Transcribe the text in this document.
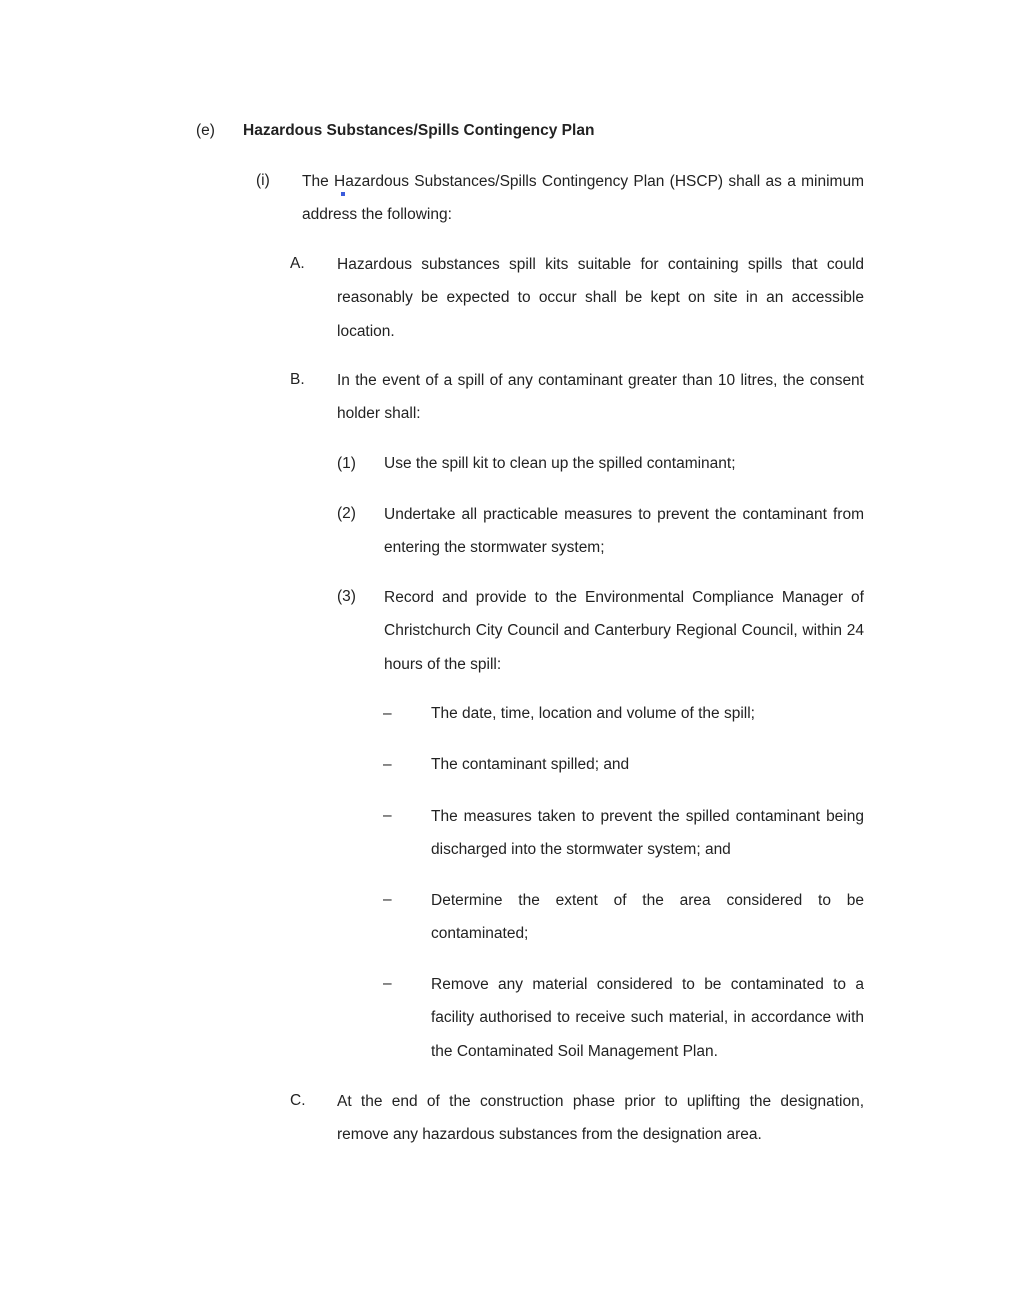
(e) Hazardous Substances/Spills Contingency Plan
(i) The Hazardous Substances/Spills Contingency Plan (HSCP) shall as a minimum address the following:
A. Hazardous substances spill kits suitable for containing spills that could reasonably be expected to occur shall be kept on site in an accessible location.
B. In the event of a spill of any contaminant greater than 10 litres, the consent holder shall:
(1) Use the spill kit to clean up the spilled contaminant;
(2) Undertake all practicable measures to prevent the contaminant from entering the stormwater system;
(3) Record and provide to the Environmental Compliance Manager of Christchurch City Council and Canterbury Regional Council, within 24 hours of the spill:
–	The date, time, location and volume of the spill;
–	The contaminant spilled; and
–	The measures taken to prevent the spilled contaminant being discharged into the stormwater system; and
–	Determine the extent of the area considered to be contaminated;
–	Remove any material considered to be contaminated to a facility authorised to receive such material, in accordance with the Contaminated Soil Management Plan.
C. At the end of the construction phase prior to uplifting the designation, remove any hazardous substances from the designation area.
